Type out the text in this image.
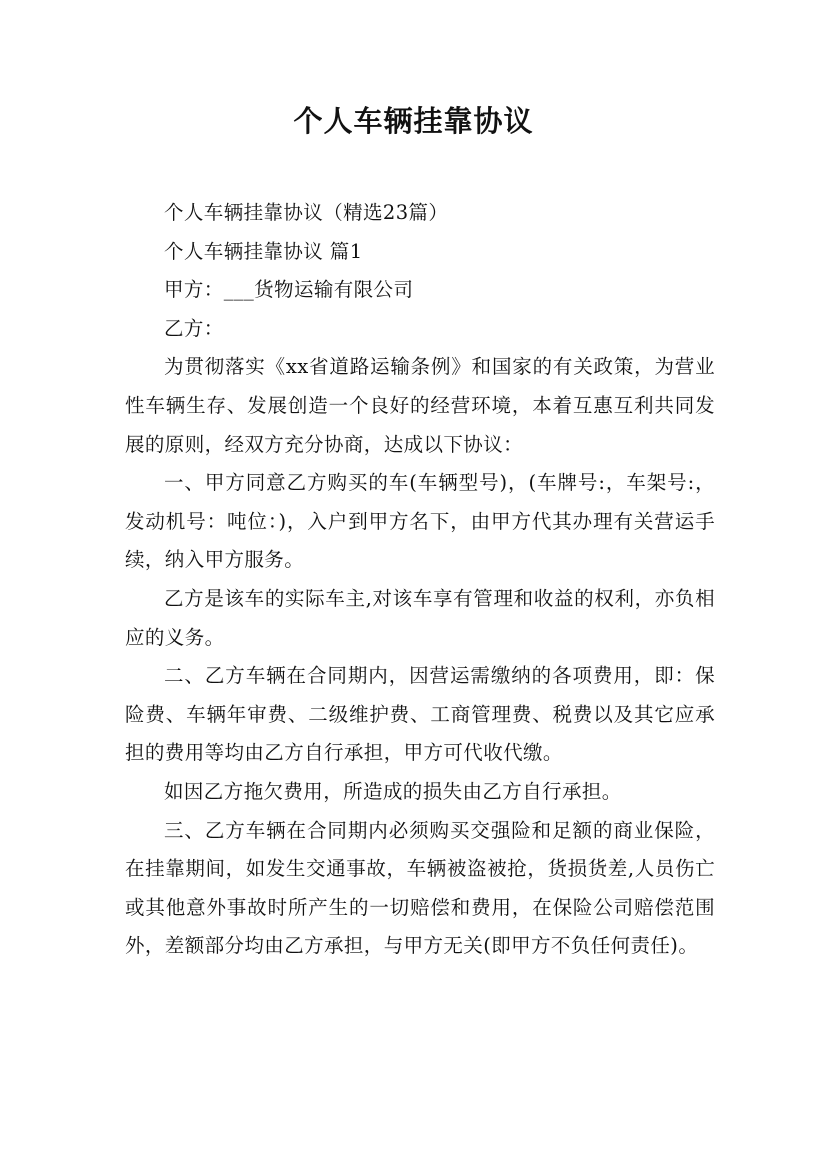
个人车辆挂靠协议

个人车辆挂靠协议（精选23篇）

个人车辆挂靠协议 篇1

甲方：___货物运输有限公司

乙方：

为贯彻落实《xx省道路运输条例》和国家的有关政策，为营业性车辆生存、发展创造一个良好的经营环境，本着互惠互利共同发展的原则，经双方充分协商，达成以下协议：

一、甲方同意乙方购买的车(车辆型号)，(车牌号:，车架号:，发动机号：吨位：)，入户到甲方名下，由甲方代其办理有关营运手续，纳入甲方服务。

乙方是该车的实际车主,对该车享有管理和收益的权利，亦负相应的义务。

二、乙方车辆在合同期内，因营运需缴纳的各项费用，即：保险费、车辆年审费、二级维护费、工商管理费、税费以及其它应承担的费用等均由乙方自行承担，甲方可代收代缴。

如因乙方拖欠费用，所造成的损失由乙方自行承担。

三、乙方车辆在合同期内必须购买交强险和足额的商业保险，在挂靠期间，如发生交通事故，车辆被盗被抢，货损货差,人员伤亡或其他意外事故时所产生的一切赔偿和费用，在保险公司赔偿范围外，差额部分均由乙方承担，与甲方无关(即甲方不负任何责任)。
